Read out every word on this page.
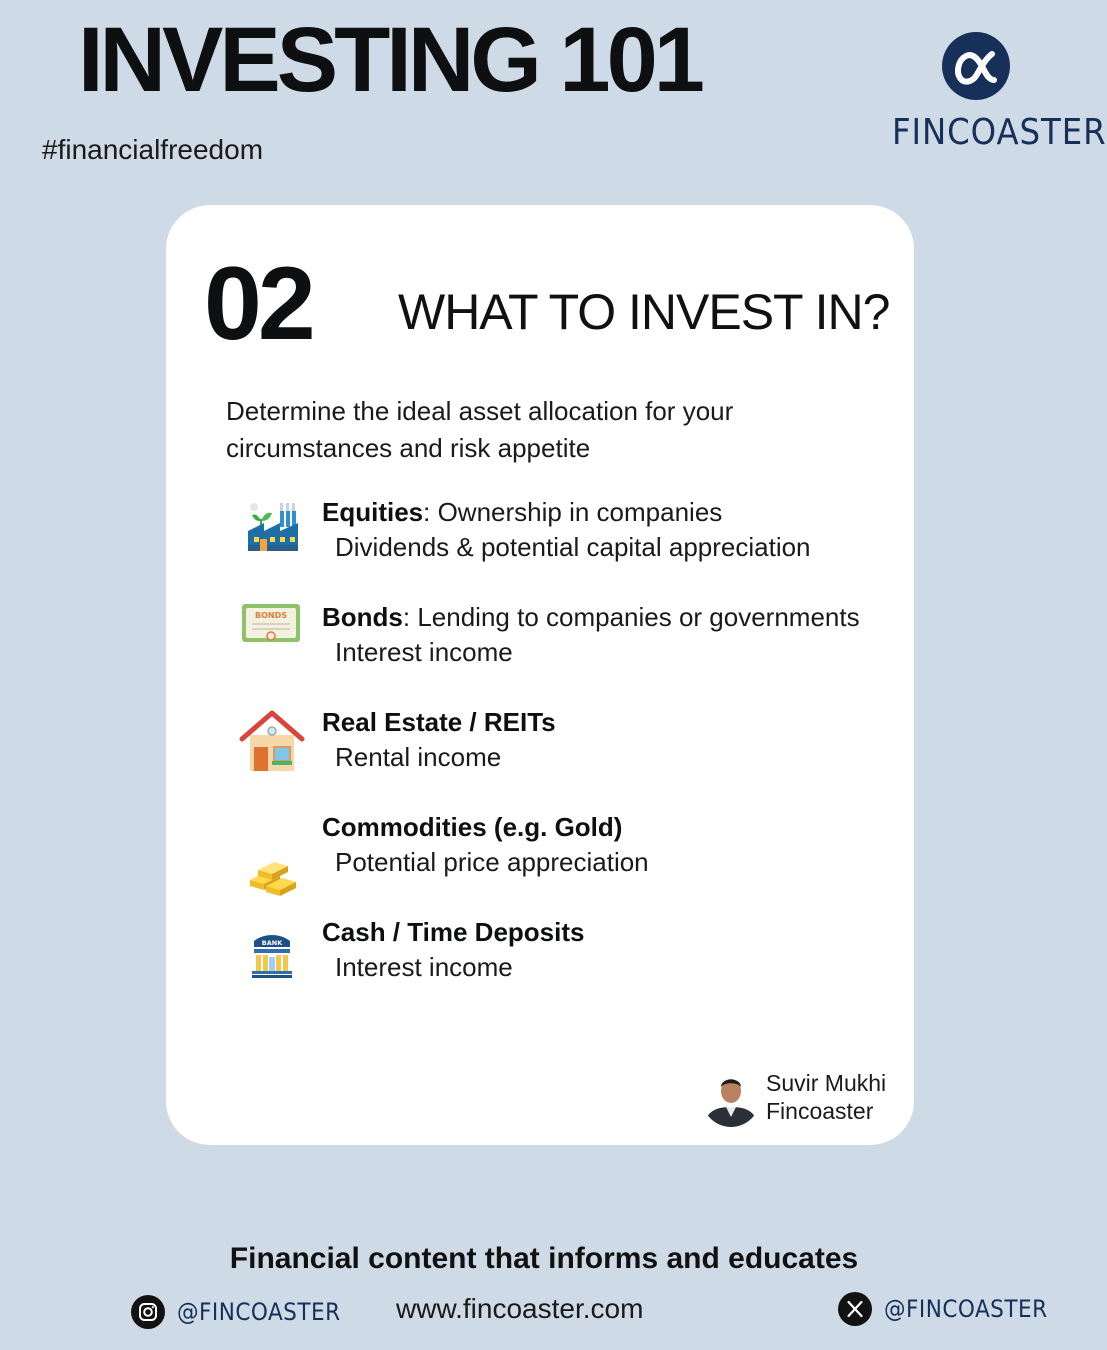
INVESTING 101
#financialfreedom	FINCOASTER
02 WHAT TO INVEST IN?
Determine the ideal asset allocation for your circumstances and risk appetite
Equities: Ownership in companies
Dividends & potential capital appreciation
BONDS Bonds: Lending to companies or governments
Interest income
Real Estate / REITs
Rental income
Commodities (e.g. Gold)
Potential price appreciation
BANK Cash / Time Deposits
Interest income
Suvir Mukhi
Fincoaster
Financial content that informs and educates
@FINCOASTER www.fincoaster.com	@FINCOASTER
